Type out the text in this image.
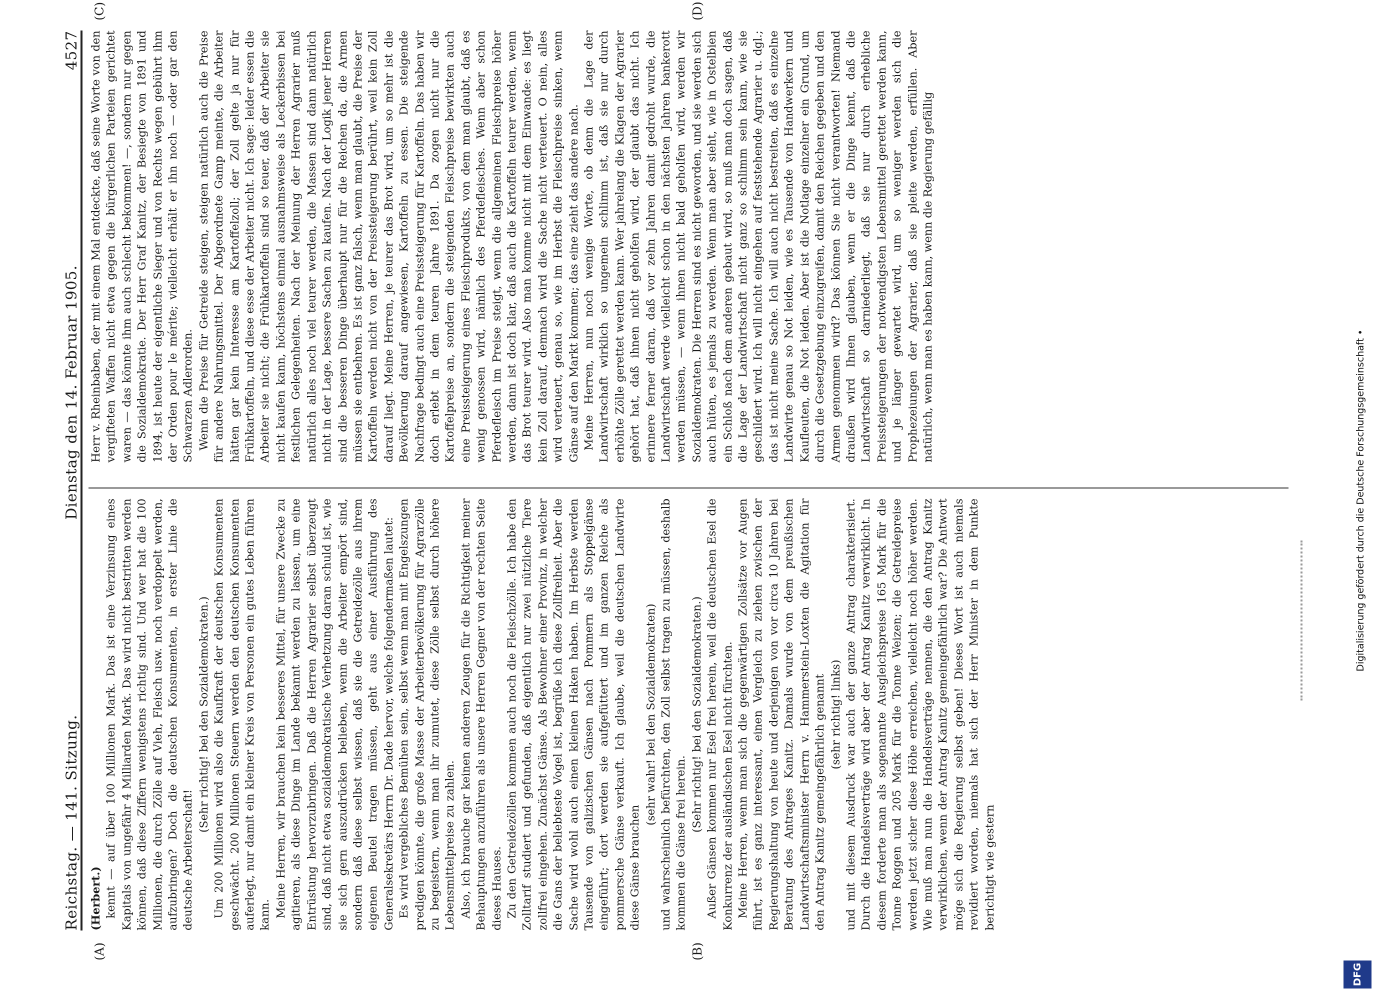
Reichstag. — 141. Sitzung.
Dienstag den 14. Februar 1905.
4527
(A)	(B)
(C)	(D)

(Herbert.) kennt — auf über 100 Millionen Mark. Das ist eine Verzinsung eines Kapitals von ungefähr 4 Milliarden Mark. Das wird nicht bestritten werden können, daß diese Ziffern wenigstens richtig sind. Und wer hat die 100 Millionen, die durch Zölle auf Vieh, Fleisch usw. noch verdoppelt werden, aufzubringen? Doch die deutschen Konsumenten, in erster Linie die deutsche Arbeiterschaft!

(Sehr richtig! bei den Sozialdemokraten.) Um 200 Millionen wird also die Kaufkraft der deutschen Konsumenten geschwächt. 200 Millionen Steuern werden den deutschen Konsumenten auferlegt, nur damit ein kleiner Kreis von Personen ein gutes Leben führen kann. Meine Herren, wir brauchen kein besseres Mittel, für unsere Zwecke zu agitieren, als diese Dinge im Lande bekannt werden zu lassen, um eine Entrüstung hervorzubringen. Daß die Herren Agrarier selbst überzeugt sind, daß nicht etwa sozialdemokratische Verhetzung daran schuld ist, wie sie sich gern auszudrücken belieben, wenn die Arbeiter empört sind, sondern daß diese selbst wissen, daß sie die Getreidezölle aus ihrem eigenen Beutel tragen müssen, geht aus einer Ausführung des Generalsekretärs Herrn Dr. Dade hervor, welche folgendermaßen lautet: Es wird vergebliches Bemühen sein, selbst wenn man mit Engelszungen predigen könnte, die große Masse der Arbeiterbevölkerung für Agrarzölle zu begeistern, wenn man ihr zumutet, diese Zölle selbst durch höhere Lebensmittelpreise zu zahlen. Also, ich brauche gar keinen anderen Zeugen für die Richtigkeit meiner Behauptungen anzuführen als unsere Herren Gegner von der rechten Seite dieses Hauses. Zu den Getreidezöllen kommen auch noch die Fleischzölle. Ich habe den Zolltarif studiert und gefunden, daß eigentlich nur zwei nützliche Tiere zollfrei eingehen. Zunächst Gänse. Als Bewohner einer Provinz, in welcher die Gans der beliebteste Vogel ist, begrüße ich diese Zollfreiheit. Aber die Sache wird wohl auch einen kleinen Haken haben. Im Herbste werden Tausende von galizischen Gänsen nach Pommern als Stoppelgänse eingeführt; dort werden sie aufgefüttert und im ganzen Reiche als pommersche Gänse verkauft. Ich glaube, weil die deutschen Landwirte diese Gänse brauchen

(sehr wahr! bei den Sozialdemokraten) und wahrscheinlich befürchten, den Zoll selbst tragen zu müssen, deshalb kommen die Gänse frei herein.

(Sehr richtig! bei den Sozialdemokraten.) Außer Gänsen kommen nur Esel frei herein, weil die deutschen Esel die Konkurrenz der ausländischen Esel nicht fürchten. Meine Herren, wenn man sich die gegenwärtigen Zollsätze vor Augen führt, ist es ganz interessant, einen Vergleich zu ziehen zwischen der Regierungshaltung von heute und derjenigen von vor circa 10 Jahren bei Beratung des Antrages Kanitz. Damals wurde von dem preußischen Landwirtschaftsminister Herrn v. Hammerstein-Loxten die Agitation für den Antrag Kanitz gemeingefährlich genannt (sehr richtig! links) und mit diesem Ausdruck war auch der ganze Antrag charakterisiert. Durch die Handelsverträge wird aber der Antrag Kanitz verwirklicht. In diesem forderte man als sogenannte Ausgleichspreise 165 Mark für die Tonne Roggen und 205 Mark für die Tonne Weizen; die Getreidepreise werden jetzt sicher diese Höhe erreichen, vielleicht noch höher werden. Wie muß man nun die Handelsverträge nennen, die den Antrag Kanitz verwirklichen, wenn der Antrag Kanitz gemeingefährlich war? Die Antwort möge sich die Regierung selbst geben! Dieses Wort ist auch niemals revidiert worden, niemals hat sich der Herr Minister in dem Punkte berichtigt wie gestern

Herr v. Rheinbaben, der mit einem Mal entdeckte, daß seine Worte von den vergifteten Waffen nicht etwa gegen die bürgerlichen Parteien gerichtet waren — das könnte ihm auch schlecht bekommen! —, sondern nur gegen die Sozialdemokratie. Der Herr Graf Kanitz, der Besiegte von 1891 und 1894, ist heute der eigentliche Sieger und von Rechts wegen gebührt ihm der Orden pour le mérite; vielleicht erhält er ihn noch — oder gar den Schwarzen Adlerorden. Wenn die Preise für Getreide steigen, steigen natürlich auch die Preise für andere Nahrungsmittel. Der Abgeordnete Gamp meinte, die Arbeiter hätten gar kein Interesse am Kartoffelzoll; der Zoll gelte ja nur für Frühkartoffeln, und diese esse der Arbeiter nicht. Ich sage: leider essen die Arbeiter sie nicht; die Frühkartoffeln sind so teuer, daß der Arbeiter sie nicht kaufen kann, höchstens einmal ausnahmsweise als Leckerbissen bei festlichen Gelegenheiten. Nach der Meinung der Herren Agrarier muß natürlich alles noch viel teurer werden, die Massen sind dann natürlich nicht in der Lage, bessere Sachen zu kaufen. Nach der Logik jener Herren sind die besseren Dinge überhaupt nur für die Reichen da, die Armen müssen sie entbehren. Es ist ganz falsch, wenn man glaubt, die Preise der Kartoffeln werden nicht von der Preissteigerung berührt, weil kein Zoll darauf liegt. Meine Herren, je teurer das Brot wird, um so mehr ist die Bevölkerung darauf angewiesen, Kartoffeln zu essen. Die steigende Nachfrage bedingt auch eine Preissteigerung für Kartoffeln. Das haben wir doch erlebt in dem teuren Jahre 1891. Da zogen nicht nur die Kartoffelpreise an, sondern die steigenden Fleischpreise bewirkten auch eine Preissteigerung eines Fleischprodukts, von dem man glaubt, daß es wenig genossen wird, nämlich des Pferdefleisches. Wenn aber schon Pferdefleisch im Preise steigt, wenn die allgemeinen Fleischpreise höher werden, dann ist doch klar, daß auch die Kartoffeln teurer werden, wenn das Brot teurer wird. Also man komme nicht mit dem Einwande: es liegt kein Zoll darauf, demnach wird die Sache nicht verteuert. O nein, alles wird verteuert, genau so, wie im Herbst die Fleischpreise sinken, wenn Gänse auf den Markt kommen; das eine zieht das andere nach. Meine Herren, nun noch wenige Worte, ob denn die Lage der Landwirtschaft wirklich so ungemein schlimm ist, daß sie nur durch erhöhte Zölle gerettet werden kann. Wer jahrelang die Klagen der Agrarier gehört hat, daß ihnen nicht geholfen wird, der glaubt das nicht. Ich erinnere ferner daran, daß vor zehn Jahren damit gedroht wurde, die Landwirtschaft werde vielleicht schon in den nächsten Jahren bankerott werden müssen, — wenn ihnen nicht bald geholfen wird, werden wir Sozialdemokraten. Die Herren sind es nicht geworden, und sie werden sich auch hüten, es jemals zu werden. Wenn man aber sieht, wie in Ostelbien ein Schloß nach dem anderen gebaut wird, so muß man doch sagen, daß die Lage der Landwirtschaft nicht ganz so schlimm sein kann, wie sie geschildert wird. Ich will nicht eingehen auf feststehende Agrarier u. dgl.; das ist nicht meine Sache. Ich will auch nicht bestreiten, daß es einzelne Landwirte genau so Not leiden, wie es Tausende von Handwerkern und Kaufleuten, die Not leiden. Aber ist die Notlage einzelner ein Grund, um durch die Gesetzgebung einzugreifen, damit den Reichen gegeben und den Armen genommen wird? Das können Sie nicht verantworten! Niemand draußen wird Ihnen glauben, wenn er die Dinge kennt, daß die Landwirtschaft so darniederliegt, daß sie nur durch erhebliche Preissteigerungen der notwendigsten Lebensmittel gerettet werden kann, und je länger gewartet wird, um so weniger werden sich die Prophezeiungen der Agrarier, daß sie pleite werden, erfüllen. Aber natürlich, wenn man es haben kann, wenn die Regierung gefällig

DFG
Digitalisierung gefördert durch die Deutsche Forschungsgemeinschaft •
